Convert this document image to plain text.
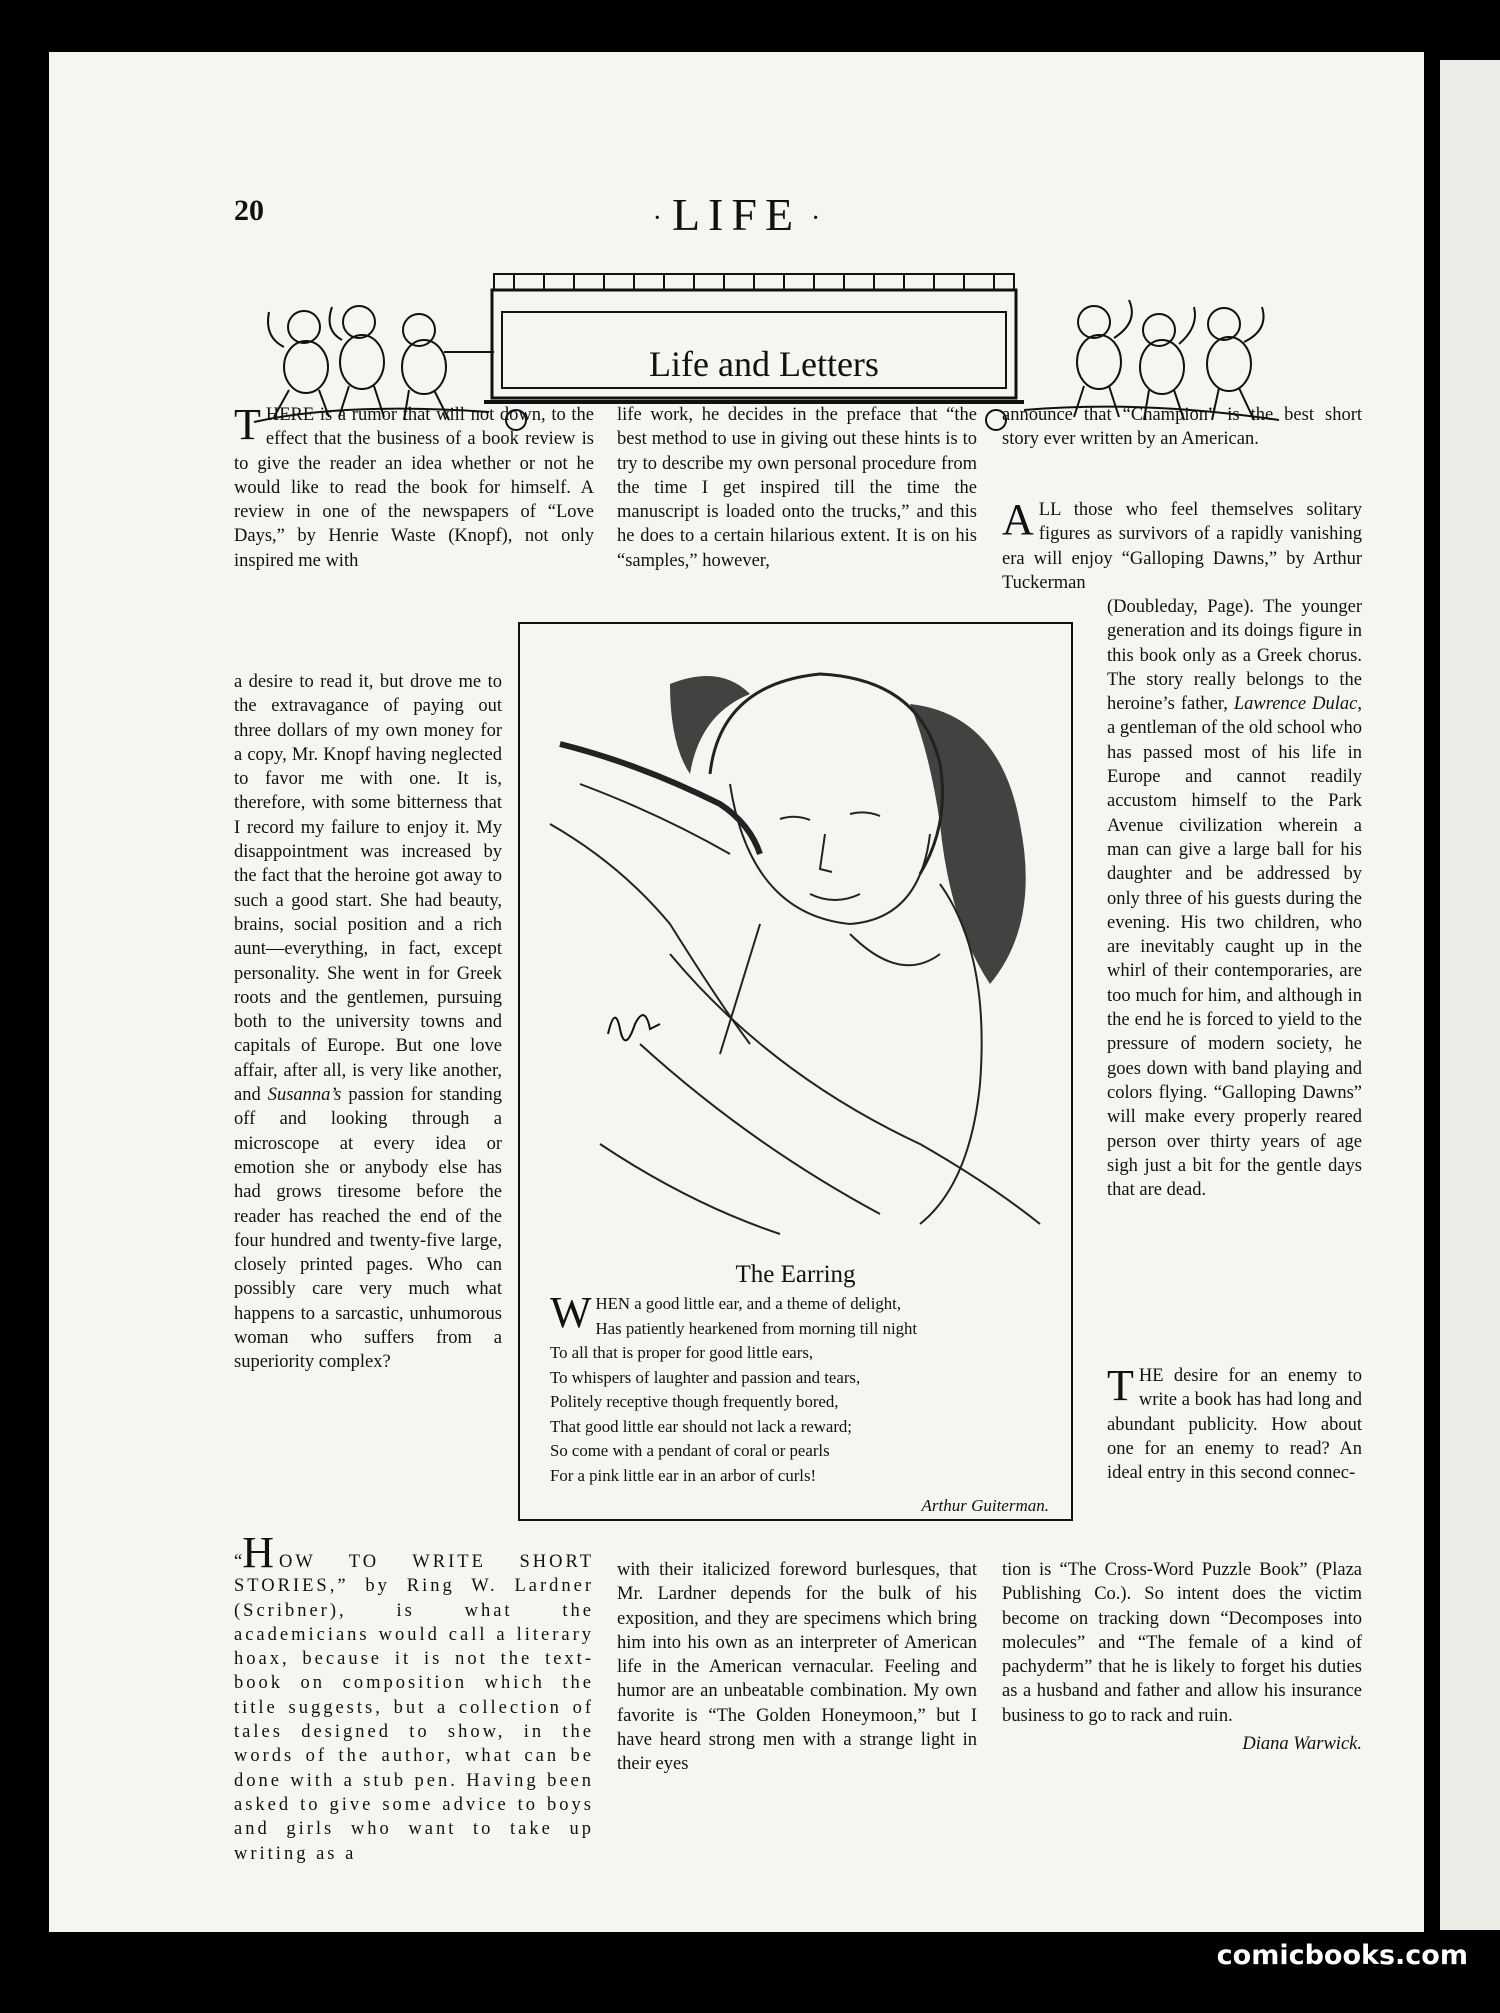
20	· LIFE ·
Life and Letters

THERE is a rumor that will not down, to the effect that the business of a book review is to give the reader an idea whether or not he would like to read the book for himself. A review in one of the newspapers of “Love Days,” by Henrie Waste (Knopf), not only inspired me with

a desire to read it, but drove me to the extravagance of paying out three dollars of my own money for a copy, Mr. Knopf having neglected to favor me with one. It is, therefore, with some bitterness that I record my failure to enjoy it. My disappointment was increased by the fact that the heroine got away to such a good start. She had beauty, brains, social position and a rich aunt—everything, in fact, except personality. She went in for Greek roots and the gentlemen, pursuing both to the university towns and capitals of Europe. But one love affair, after all, is very like another, and Susanna’s passion for standing off and looking through a microscope at every idea or emotion she or anybody else has had grows tiresome before the reader has reached the end of the four hundred and twenty-five large, closely printed pages. Who can possibly care very much what happens to a sarcastic, unhumorous woman who suffers from a superiority complex?

life work, he decides in the preface that “the best method to use in giving out these hints is to try to describe my own personal procedure from the time I get inspired till the time the manuscript is loaded onto the trucks,” and this he does to a certain hilarious extent. It is on his “samples,” however,

announce that “Champion” is the best short story ever written by an American.

ALL those who feel themselves solitary figures as survivors of a rapidly vanishing era will enjoy “Galloping Dawns,” by Arthur Tuckerman

(Doubleday, Page). The younger generation and its doings figure in this book only as a Greek chorus. The story really belongs to the heroine’s father, Lawrence Dulac, a gentleman of the old school who has passed most of his life in Europe and cannot readily accustom himself to the Park Avenue civilization wherein a man can give a large ball for his daughter and be addressed by only three of his guests during the evening. His two children, who are inevitably caught up in the whirl of their contemporaries, are too much for him, and although in the end he is forced to yield to the pressure of modern society, he goes down with band playing and colors flying. “Galloping Dawns” will make every properly reared person over thirty years of age sigh just a bit for the gentle days that are dead.

THE desire for an enemy to write a book has had long and abundant publicity. How about one for an enemy to read? An ideal entry in this second connec-

The Earring
W HEN a good little ear, and a theme of delight,
Has patiently hearkened from morning till night
To all that is proper for good little ears,
To whispers of laughter and passion and tears,
Politely receptive though frequently bored,
That good little ear should not lack a reward;
So come with a pendant of coral or pearls
For a pink little ear in an arbor of curls!
Arthur Guiterman.

“H OW TO WRITE SHORT STORIES,” by Ring W. Lardner (Scribner), is what the academicians would call a literary hoax, because it is not the text-book on composition which the title suggests, but a collection of tales designed to show, in the words of the author, what can be done with a stub pen. Having been asked to give some advice to boys and girls who want to take up writing as a

with their italicized foreword burlesques, that Mr. Lardner depends for the bulk of his exposition, and they are specimens which bring him into his own as an interpreter of American life in the American vernacular. Feeling and humor are an unbeatable combination. My own favorite is “The Golden Honeymoon,” but I have heard strong men with a strange light in their eyes

tion is “The Cross-Word Puzzle Book” (Plaza Publishing Co.). So intent does the victim become on tracking down “Decomposes into molecules” and “The female of a kind of pachyderm” that he is likely to forget his duties as a husband and father and allow his insurance business to go to rack and ruin.

Diana Warwick.

comicbooks.com
